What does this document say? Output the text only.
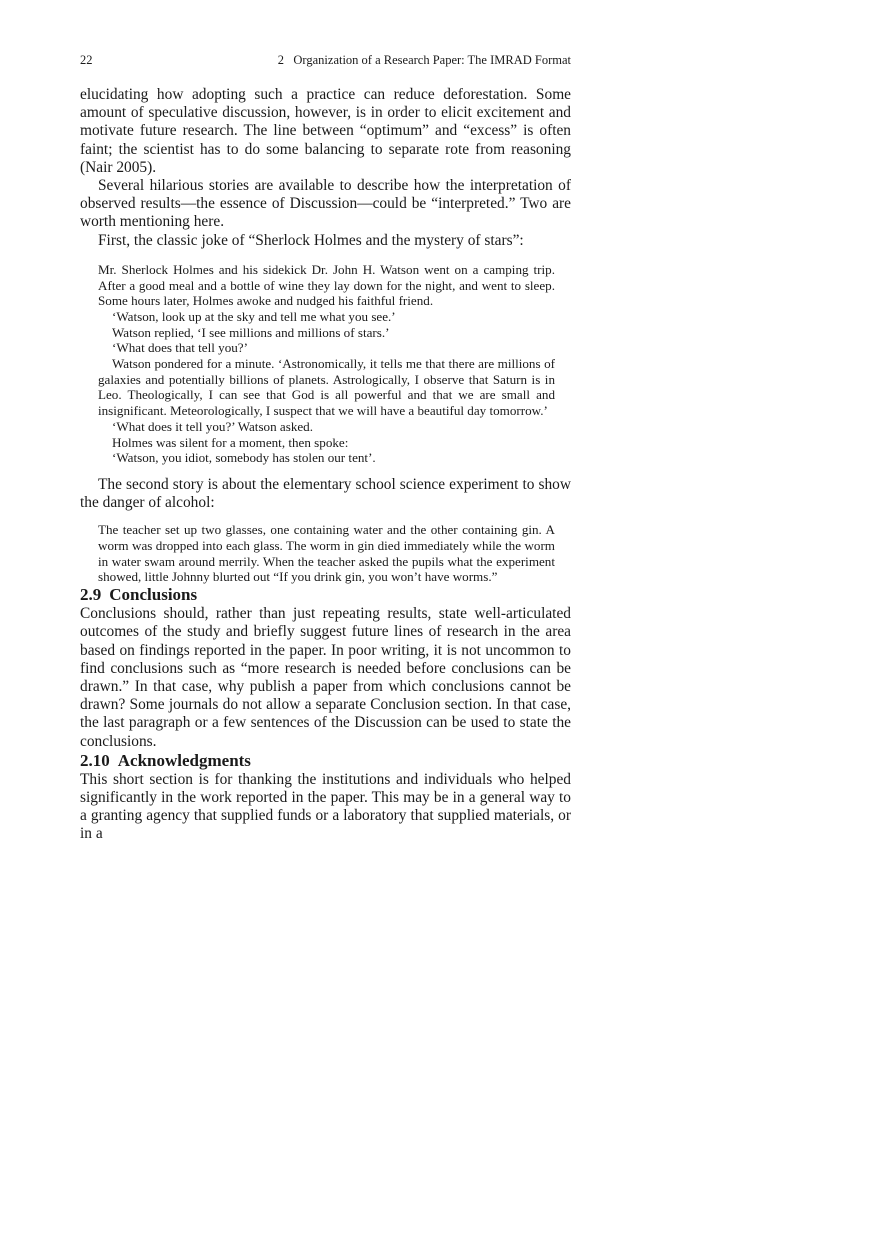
22	2   Organization of a Research Paper: The IMRAD Format

elucidating how adopting such a practice can reduce deforestation. Some amount of speculative discussion, however, is in order to elicit excitement and motivate future research. The line between “optimum” and “excess” is often faint; the scientist has to do some balancing to separate rote from reasoning (Nair 2005).

Several hilarious stories are available to describe how the interpretation of observed results—the essence of Discussion—could be “interpreted.” Two are worth mentioning here.

First, the classic joke of “Sherlock Holmes and the mystery of stars”:

Mr. Sherlock Holmes and his sidekick Dr. John H. Watson went on a camping trip. After a good meal and a bottle of wine they lay down for the night, and went to sleep. Some hours later, Holmes awoke and nudged his faithful friend.

‘Watson, look up at the sky and tell me what you see.’

Watson replied, ‘I see millions and millions of stars.’

‘What does that tell you?’

Watson pondered for a minute. ‘Astronomically, it tells me that there are millions of galaxies and potentially billions of planets. Astrologically, I observe that Saturn is in Leo. Theologically, I can see that God is all powerful and that we are small and insignificant. Meteorologically, I suspect that we will have a beautiful day tomorrow.’

‘What does it tell you?’ Watson asked.

Holmes was silent for a moment, then spoke:

‘Watson, you idiot, somebody has stolen our tent’.

The second story is about the elementary school science experiment to show the danger of alcohol:

The teacher set up two glasses, one containing water and the other containing gin. A worm was dropped into each glass. The worm in gin died immediately while the worm in water swam around merrily. When the teacher asked the pupils what the experiment showed, little Johnny blurted out “If you drink gin, you won’t have worms.”

2.9 Conclusions

Conclusions should, rather than just repeating results, state well-articulated outcomes of the study and briefly suggest future lines of research in the area based on findings reported in the paper. In poor writing, it is not uncommon to find conclusions such as “more research is needed before conclusions can be drawn.” In that case, why publish a paper from which conclusions cannot be drawn? Some journals do not allow a separate Conclusion section. In that case, the last paragraph or a few sentences of the Discussion can be used to state the conclusions.

2.10 Acknowledgments

This short section is for thanking the institutions and individuals who helped significantly in the work reported in the paper. This may be in a general way to a granting agency that supplied funds or a laboratory that supplied materials, or in a
